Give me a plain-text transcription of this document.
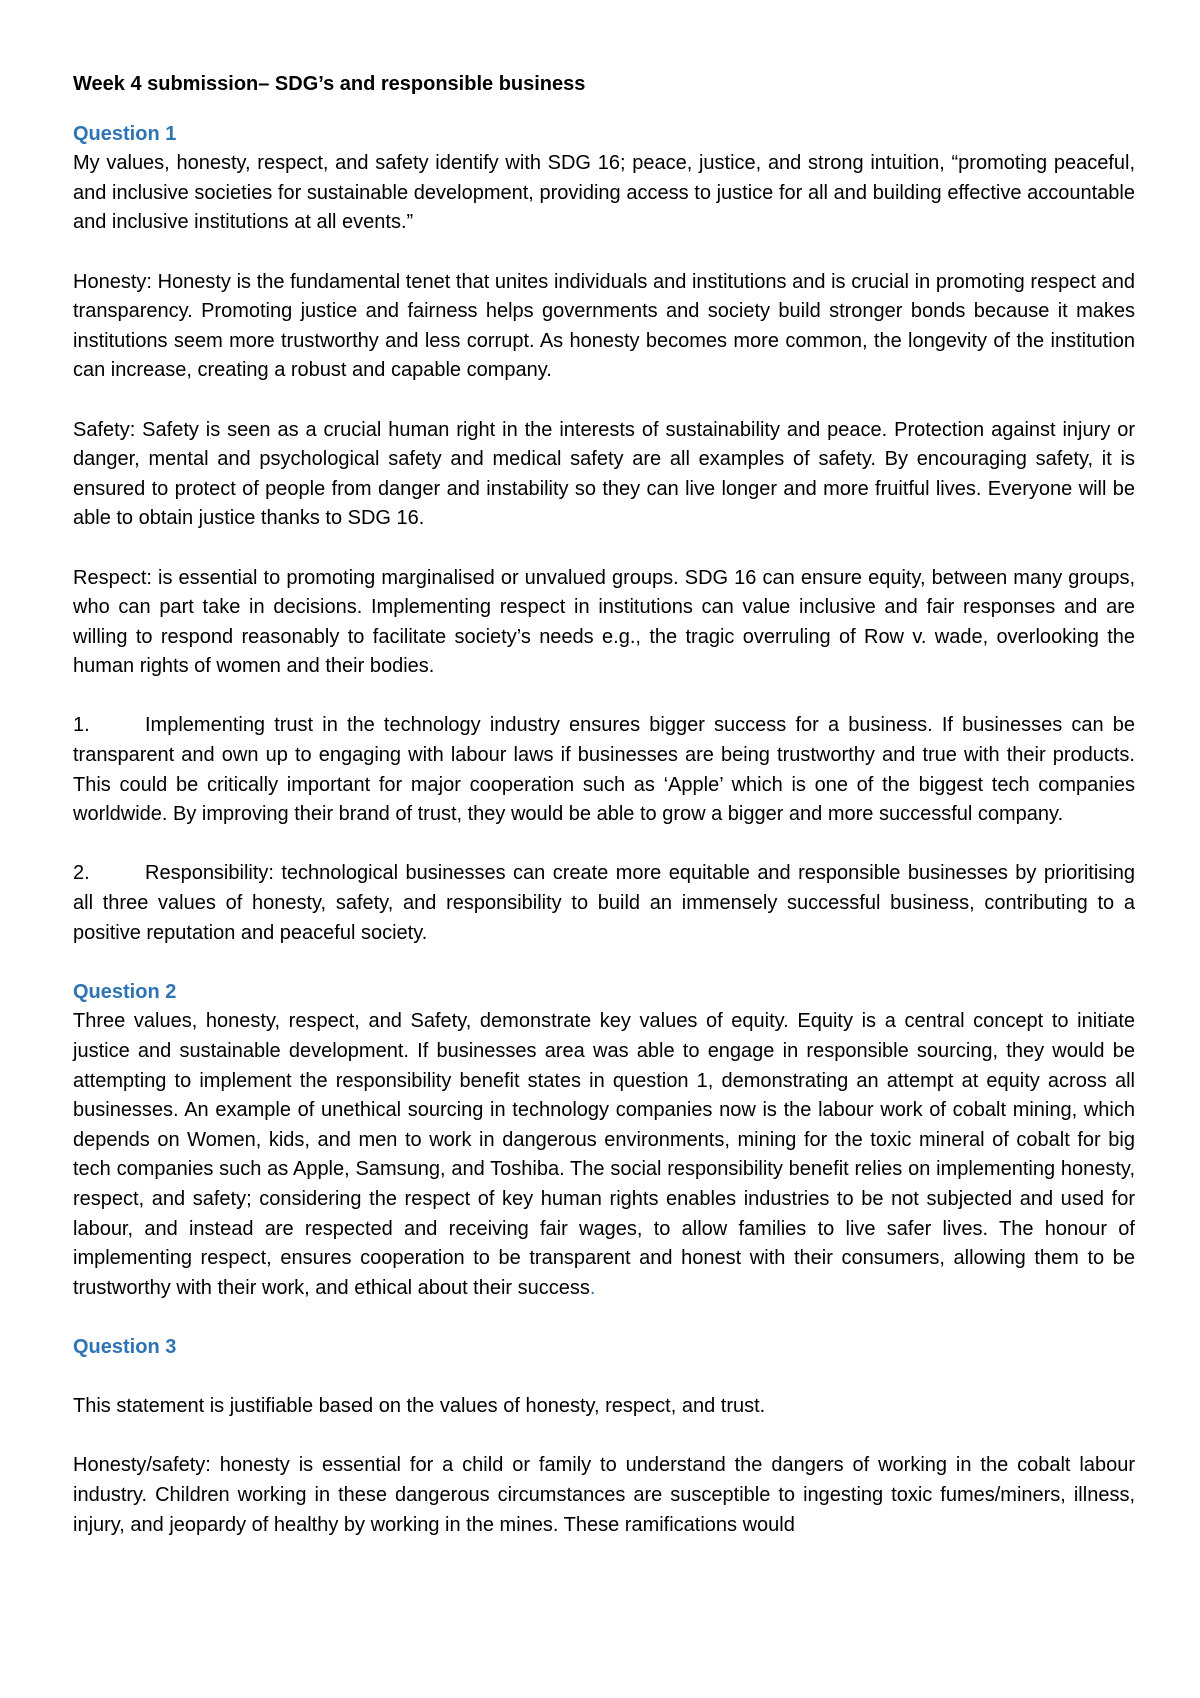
Week 4 submission– SDG’s and responsible business
Question 1

My values, honesty, respect, and safety identify with SDG 16; peace, justice, and strong intuition, “promoting peaceful, and inclusive societies for sustainable development, providing access to justice for all and building effective accountable and inclusive institutions at all events.”

Honesty: Honesty is the fundamental tenet that unites individuals and institutions and is crucial in promoting respect and transparency. Promoting justice and fairness helps governments and society build stronger bonds because it makes institutions seem more trustworthy and less corrupt. As honesty becomes more common, the longevity of the institution can increase, creating a robust and capable company.

Safety: Safety is seen as a crucial human right in the interests of sustainability and peace. Protection against injury or danger, mental and psychological safety and medical safety are all examples of safety. By encouraging safety, it is ensured to protect of people from danger and instability so they can live longer and more fruitful lives. Everyone will be able to obtain justice thanks to SDG 16.

Respect: is essential to promoting marginalised or unvalued groups. SDG 16 can ensure equity, between many groups, who can part take in decisions. Implementing respect in institutions can value inclusive and fair responses and are willing to respond reasonably to facilitate society’s needs e.g., the tragic overruling of Row v. wade, overlooking the human rights of women and their bodies.

1.	Implementing trust in the technology industry ensures bigger success for a business. If businesses can be transparent and own up to engaging with labour laws if businesses are being trustworthy and true with their products. This could be critically important for major cooperation such as ‘Apple’ which is one of the biggest tech companies worldwide. By improving their brand of trust, they would be able to grow a bigger and more successful company.

2.	Responsibility: technological businesses can create more equitable and responsible businesses by prioritising all three values of honesty, safety, and responsibility to build an immensely successful business, contributing to a positive reputation and peaceful society.

Question 2

Three values, honesty, respect, and Safety, demonstrate key values of equity. Equity is a central concept to initiate justice and sustainable development. If businesses area was able to engage in responsible sourcing, they would be attempting to implement the responsibility benefit states in question 1, demonstrating an attempt at equity across all businesses. An example of unethical sourcing in technology companies now is the labour work of cobalt mining, which depends on Women, kids, and men to work in dangerous environments, mining for the toxic mineral of cobalt for big tech companies such as Apple, Samsung, and Toshiba. The social responsibility benefit relies on implementing honesty, respect, and safety; considering the respect of key human rights enables industries to be not subjected and used for labour, and instead are respected and receiving fair wages, to allow families to live safer lives. The honour of implementing respect, ensures cooperation to be transparent and honest with their consumers, allowing them to be trustworthy with their work, and ethical about their success.

Question 3

This statement is justifiable based on the values of honesty, respect, and trust.

Honesty/safety: honesty is essential for a child or family to understand the dangers of working in the cobalt labour industry. Children working in these dangerous circumstances are susceptible to ingesting toxic fumes/miners, illness, injury, and jeopardy of healthy by working in the mines. These ramifications would
